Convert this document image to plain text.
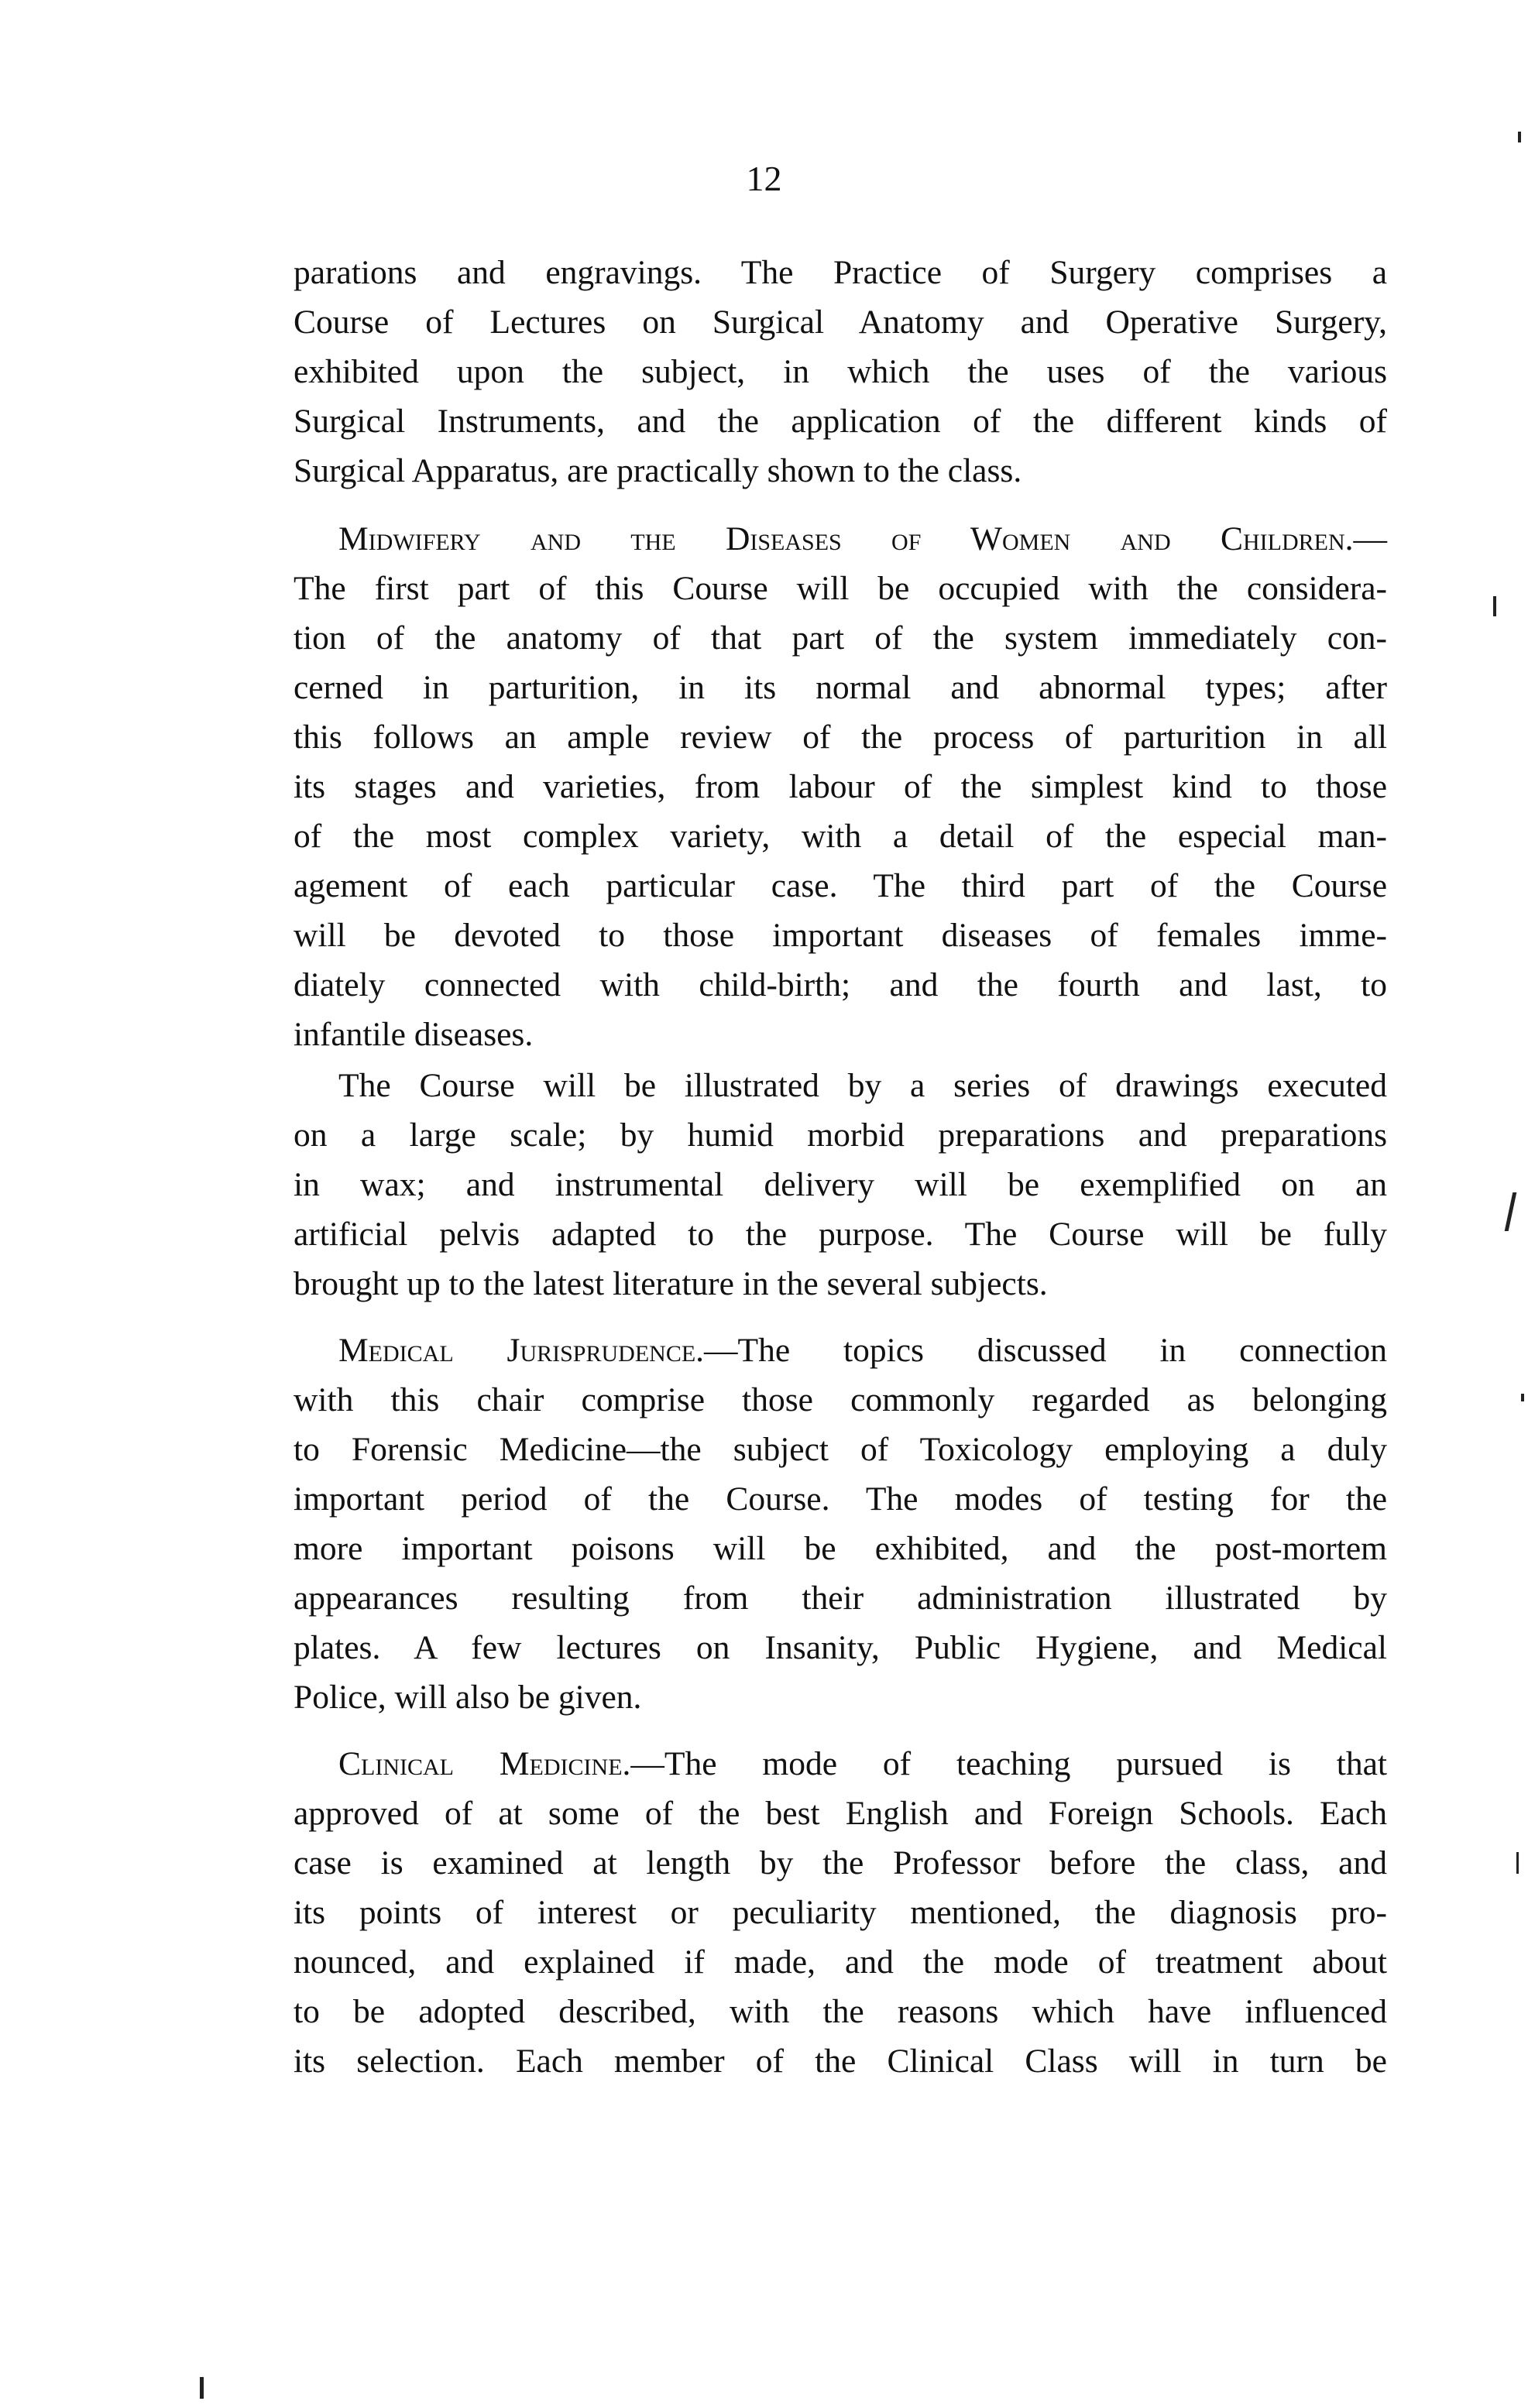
12
parations and engravings. The Practice of Surgery comprises a
Course of Lectures on Surgical Anatomy and Operative Surgery,
exhibited upon the subject, in which the uses of the various
Surgical Instruments, and the application of the different kinds of
Surgical Apparatus, are practically shown to the class.
Midwifery and the Diseases of Women and Children.—
The first part of this Course will be occupied with the considera-
tion of the anatomy of that part of the system immediately con-
cerned in parturition, in its normal and abnormal types; after
this follows an ample review of the process of parturition in all
its stages and varieties, from labour of the simplest kind to those
of the most complex variety, with a detail of the especial man-
agement of each particular case. The third part of the Course
will be devoted to those important diseases of females imme-
diately connected with child-birth; and the fourth and last, to
infantile diseases.
The Course will be illustrated by a series of drawings executed
on a large scale; by humid morbid preparations and preparations
in wax; and instrumental delivery will be exemplified on an
artificial pelvis adapted to the purpose. The Course will be fully
brought up to the latest literature in the several subjects.
Medical Jurisprudence.—The topics discussed in connection
with this chair comprise those commonly regarded as belonging
to Forensic Medicine—the subject of Toxicology employing a duly
important period of the Course. The modes of testing for the
more important poisons will be exhibited, and the post-mortem
appearances resulting from their administration illustrated by
plates. A few lectures on Insanity, Public Hygiene, and Medical
Police, will also be given.
Clinical Medicine.—The mode of teaching pursued is that
approved of at some of the best English and Foreign Schools. Each
case is examined at length by the Professor before the class, and
its points of interest or peculiarity mentioned, the diagnosis pro-
nounced, and explained if made, and the mode of treatment about
to be adopted described, with the reasons which have influenced
its selection. Each member of the Clinical Class will in turn be
